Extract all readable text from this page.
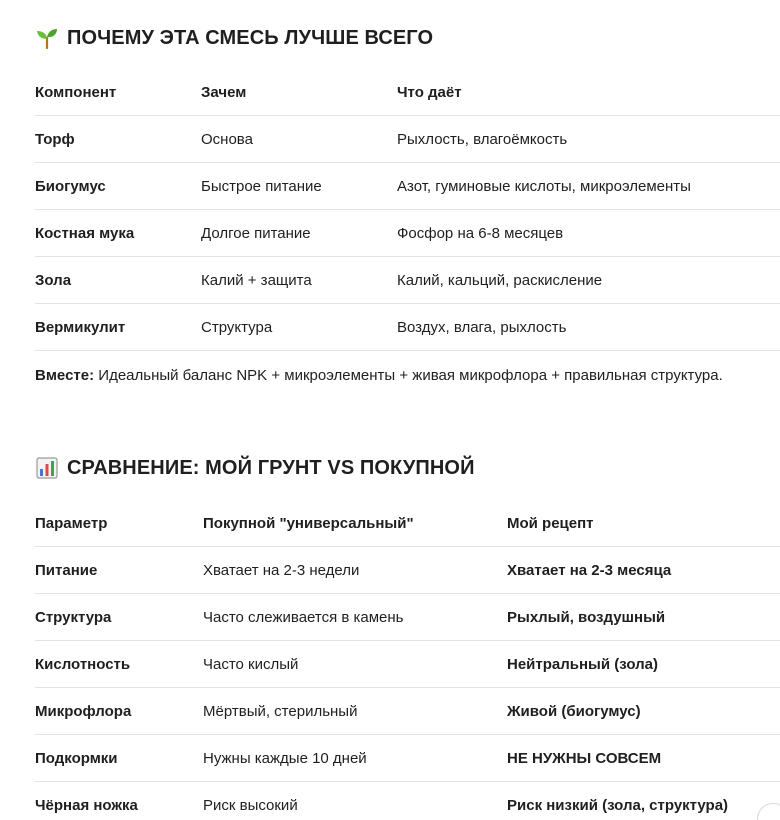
ПОЧЕМУ ЭТА СМЕСЬ ЛУЧШЕ ВСЕГО
Компонент	Зачем	Что даёт
Торф	Основа	Рыхлость, влагоёмкость
Биогумус	Быстрое питание	Азот, гуминовые кислоты, микроэлементы
Костная мука	Долгое питание	Фосфор на 6-8 месяцев
Зола	Калий + защита	Калий, кальций, раскисление
Вермикулит	Структура	Воздух, влага, рыхлость
Вместе: Идеальный баланс NPK + микроэлементы + живая микрофлора + правильная структура.
СРАВНЕНИЕ: МОЙ ГРУНТ VS ПОКУПНОЙ
Параметр	Покупной "универсальный"	Мой рецепт
Питание	Хватает на 2-3 недели	Хватает на 2-3 месяца
Структура	Часто слеживается в камень	Рыхлый, воздушный
Кислотность	Часто кислый	Нейтральный (зола)
Микрофлора	Мёртвый, стерильный	Живой (биогумус)
Подкормки	Нужны каждые 10 дней	НЕ НУЖНЫ СОВСЕМ
Чёрная ножка	Риск высокий	Риск низкий (зола, структура)
